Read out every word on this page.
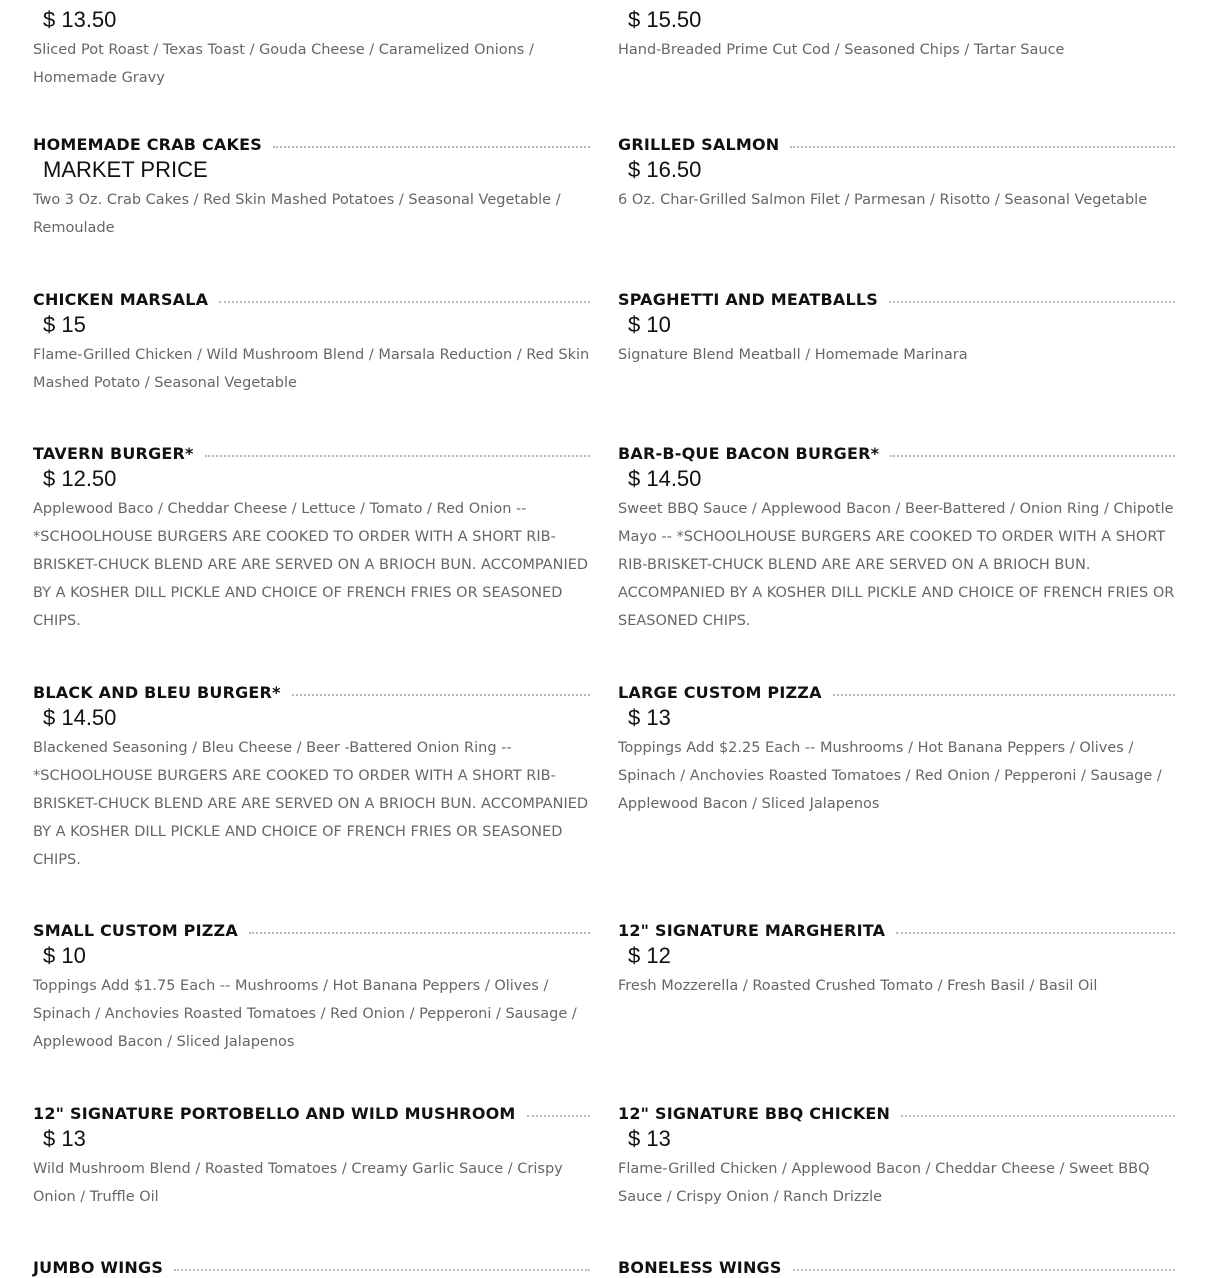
$ 13.50
Sliced Pot Roast / Texas Toast / Gouda Cheese / Caramelized Onions / Homemade Gravy
$ 15.50
Hand-Breaded Prime Cut Cod / Seasoned Chips / Tartar Sauce
HOMEMADE CRAB CAKES
MARKET PRICE
Two 3 Oz. Crab Cakes / Red Skin Mashed Potatoes / Seasonal Vegetable / Remoulade
GRILLED SALMON
$ 16.50
6 Oz. Char-Grilled Salmon Filet / Parmesan / Risotto / Seasonal Vegetable
CHICKEN MARSALA
$ 15
Flame-Grilled Chicken / Wild Mushroom Blend / Marsala Reduction / Red Skin Mashed Potato / Seasonal Vegetable
SPAGHETTI AND MEATBALLS
$ 10
Signature Blend Meatball / Homemade Marinara
TAVERN BURGER*
$ 12.50
Applewood Baco / Cheddar Cheese / Lettuce / Tomato / Red Onion -- *SCHOOLHOUSE BURGERS ARE COOKED TO ORDER WITH A SHORT RIB-BRISKET-CHUCK BLEND ARE ARE SERVED ON A BRIOCH BUN. ACCOMPANIED BY A KOSHER DILL PICKLE AND CHOICE OF FRENCH FRIES OR SEASONED CHIPS.
BAR-B-QUE BACON BURGER*
$ 14.50
Sweet BBQ Sauce / Applewood Bacon / Beer-Battered / Onion Ring / Chipotle Mayo -- *SCHOOLHOUSE BURGERS ARE COOKED TO ORDER WITH A SHORT RIB-BRISKET-CHUCK BLEND ARE ARE SERVED ON A BRIOCH BUN. ACCOMPANIED BY A KOSHER DILL PICKLE AND CHOICE OF FRENCH FRIES OR SEASONED CHIPS.
BLACK AND BLEU BURGER*
$ 14.50
Blackened Seasoning / Bleu Cheese / Beer -Battered Onion Ring -- *SCHOOLHOUSE BURGERS ARE COOKED TO ORDER WITH A SHORT RIB-BRISKET-CHUCK BLEND ARE ARE SERVED ON A BRIOCH BUN. ACCOMPANIED BY A KOSHER DILL PICKLE AND CHOICE OF FRENCH FRIES OR SEASONED CHIPS.
LARGE CUSTOM PIZZA
$ 13
Toppings Add $2.25 Each -- Mushrooms / Hot Banana Peppers / Olives / Spinach / Anchovies Roasted Tomatoes / Red Onion / Pepperoni / Sausage / Applewood Bacon / Sliced Jalapenos
SMALL CUSTOM PIZZA
$ 10
Toppings Add $1.75 Each -- Mushrooms / Hot Banana Peppers / Olives / Spinach / Anchovies Roasted Tomatoes / Red Onion / Pepperoni / Sausage / Applewood Bacon / Sliced Jalapenos
12" SIGNATURE MARGHERITA
$ 12
Fresh Mozzerella / Roasted Crushed Tomato / Fresh Basil / Basil Oil
12" SIGNATURE PORTOBELLO AND WILD MUSHROOM
$ 13
Wild Mushroom Blend / Roasted Tomatoes / Creamy Garlic Sauce / Crispy Onion / Truffle Oil
12" SIGNATURE BBQ CHICKEN
$ 13
Flame-Grilled Chicken / Applewood Bacon / Cheddar Cheese / Sweet BBQ Sauce / Crispy Onion / Ranch Drizzle
JUMBO WINGS	BONELESS WINGS
